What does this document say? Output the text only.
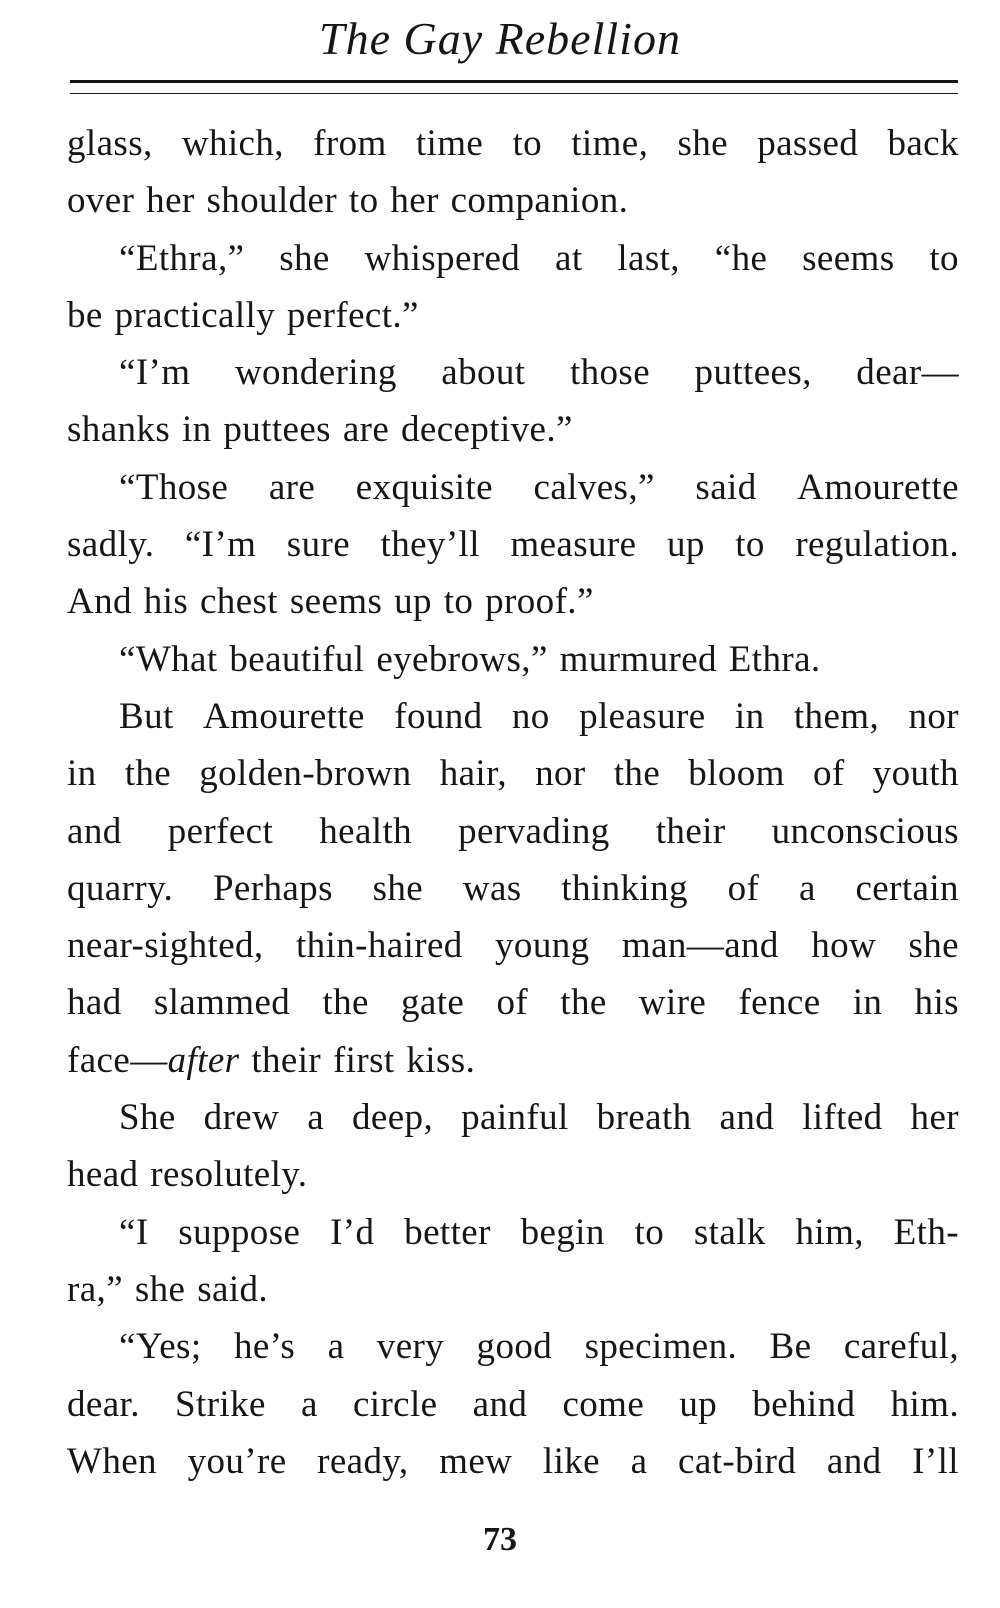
The Gay Rebellion
glass, which, from time to time, she passed back
over her shoulder to her companion.
“Ethra,” she whispered at last, “he seems to
be practically perfect.”
“I’m wondering about those puttees, dear—
shanks in puttees are deceptive.”
“Those are exquisite calves,” said Amourette
sadly. “I’m sure they’ll measure up to regulation.
And his chest seems up to proof.”
“What beautiful eyebrows,” murmured Ethra.
But Amourette found no pleasure in them, nor
in the golden-brown hair, nor the bloom of youth
and perfect health pervading their unconscious
quarry. Perhaps she was thinking of a certain
near-sighted, thin-haired young man—and how she
had slammed the gate of the wire fence in his
face—after their first kiss.
She drew a deep, painful breath and lifted her
head resolutely.
“I suppose I’d better begin to stalk him, Eth-
ra,” she said.
“Yes; he’s a very good specimen. Be careful,
dear. Strike a circle and come up behind him.
When you’re ready, mew like a cat-bird and I’ll
73
